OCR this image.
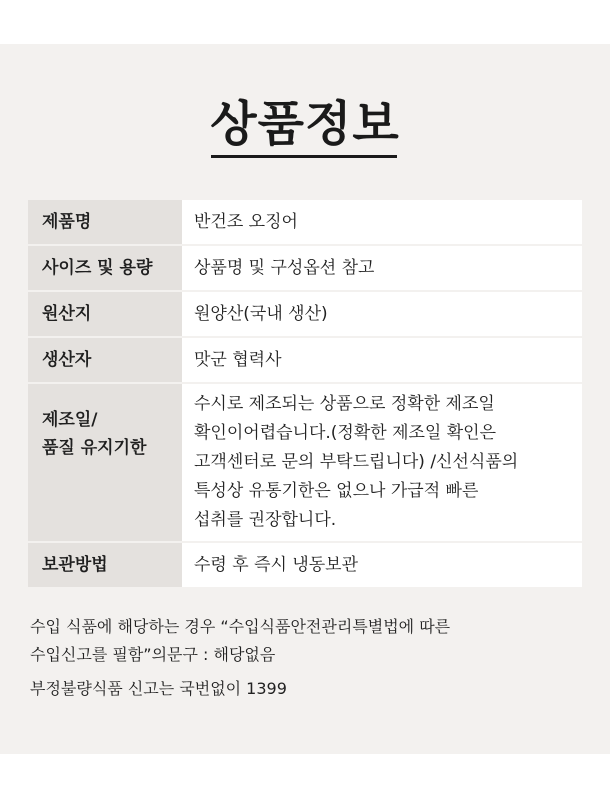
상품정보
제품명	반건조 오징어
사이즈 및 용량	상품명 및 구성옵션 참고
원산지	원양산(국내 생산)
생산자	맛군 협력사

제조일/
품질 유지기한	수시로 제조되는 상품으로 정확한 제조일
확인이어렵습니다.(정확한 제조일 확인은
고객센터로 문의 부탁드립니다) /신선식품의
특성상 유통기한은 없으나 가급적 빠른
섭취를 권장합니다.

보관방법	수령 후 즉시 냉동보관

수입 식품에 해당하는 경우 “수입식품안전관리특별법에 따른
수입신고를 필함”의문구 : 해당없음

부정불량식품 신고는 국번없이 1399
